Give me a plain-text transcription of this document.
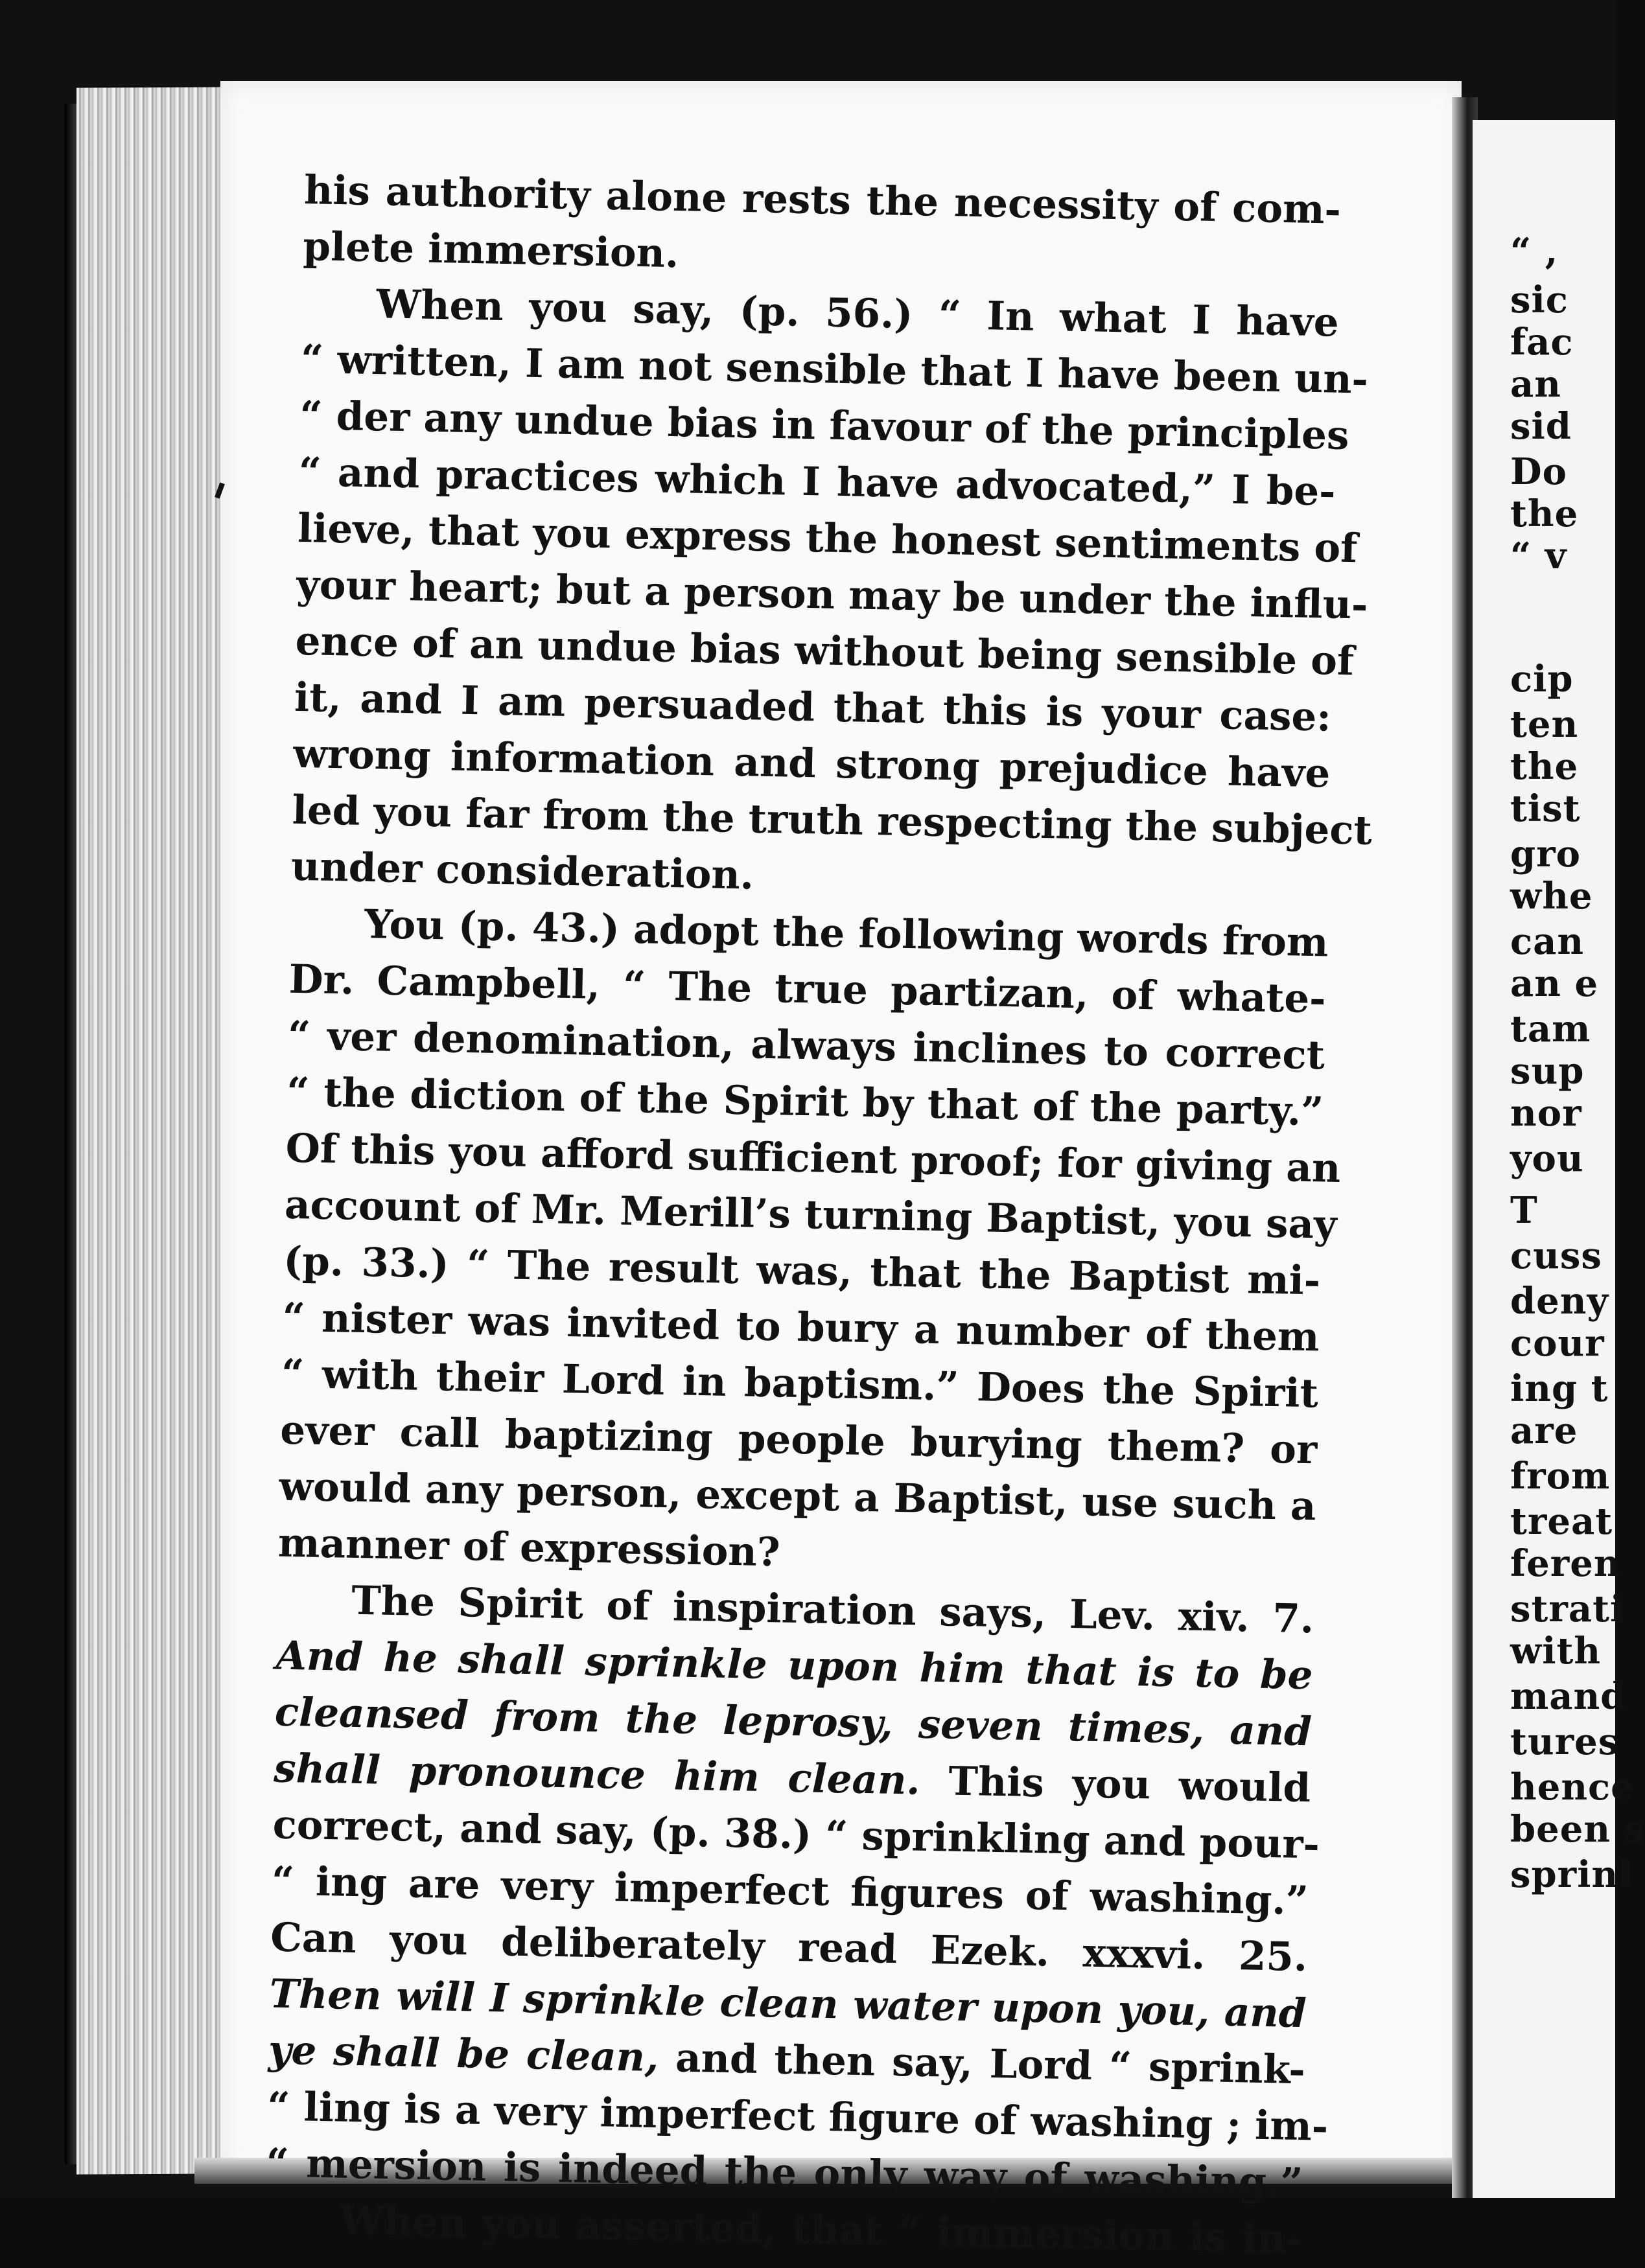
“ ,
sic
fac
an
sid
Do
the
“ v
cip
ten
the
tist
gro
whe
can
an e
tam
sup
nor
you
T
cuss
deny
cour
ing t
are
from
treat
feren
strati
with
mand
tures
hence
been s
sprinl
his authority alone rests the necessity of com-
plete immersion.
When you say, (p. 56.) “ In what I have
“ written, I am not sensible that I have been un-
“ der any undue bias in favour of the principles
“ and practices which I have advocated,” I be-
lieve, that you express the honest sentiments of
your heart; but a person may be under the influ-
ence of an undue bias without being sensible of
it, and I am persuaded that this is your case:
wrong information and strong prejudice have
led you far from the truth respecting the subject
under consideration.
You (p. 43.) adopt the following words from
Dr. Campbell, “ The true partizan, of whate-
“ ver denomination, always inclines to correct
“ the diction of the Spirit by that of the party.”
Of this you afford sufficient proof; for giving an
account of Mr. Merill’s turning Baptist, you say
(p. 33.) “ The result was, that the Baptist mi-
“ nister was invited to bury a number of them
“ with their Lord in baptism.” Does the Spirit
ever call baptizing people burying them? or
would any person, except a Baptist, use such a
manner of expression?
The Spirit of inspiration says, Lev. xiv. 7.
And he shall sprinkle upon him that is to be
cleansed from the leprosy, seven times, and
shall pronounce him clean. This you would
correct, and say, (p. 38.) “ sprinkling and pour-
“ ing are very imperfect figures of washing.”
Can you deliberately read Ezek. xxxvi. 25.
Then will I sprinkle clean water upon you, and
ye shall be clean, and then say, Lord “ sprink-
“ ling is a very imperfect figure of washing ; im-
“ mersion is indeed the only way of washing.”
When you asserted, that “ immersion is in-
